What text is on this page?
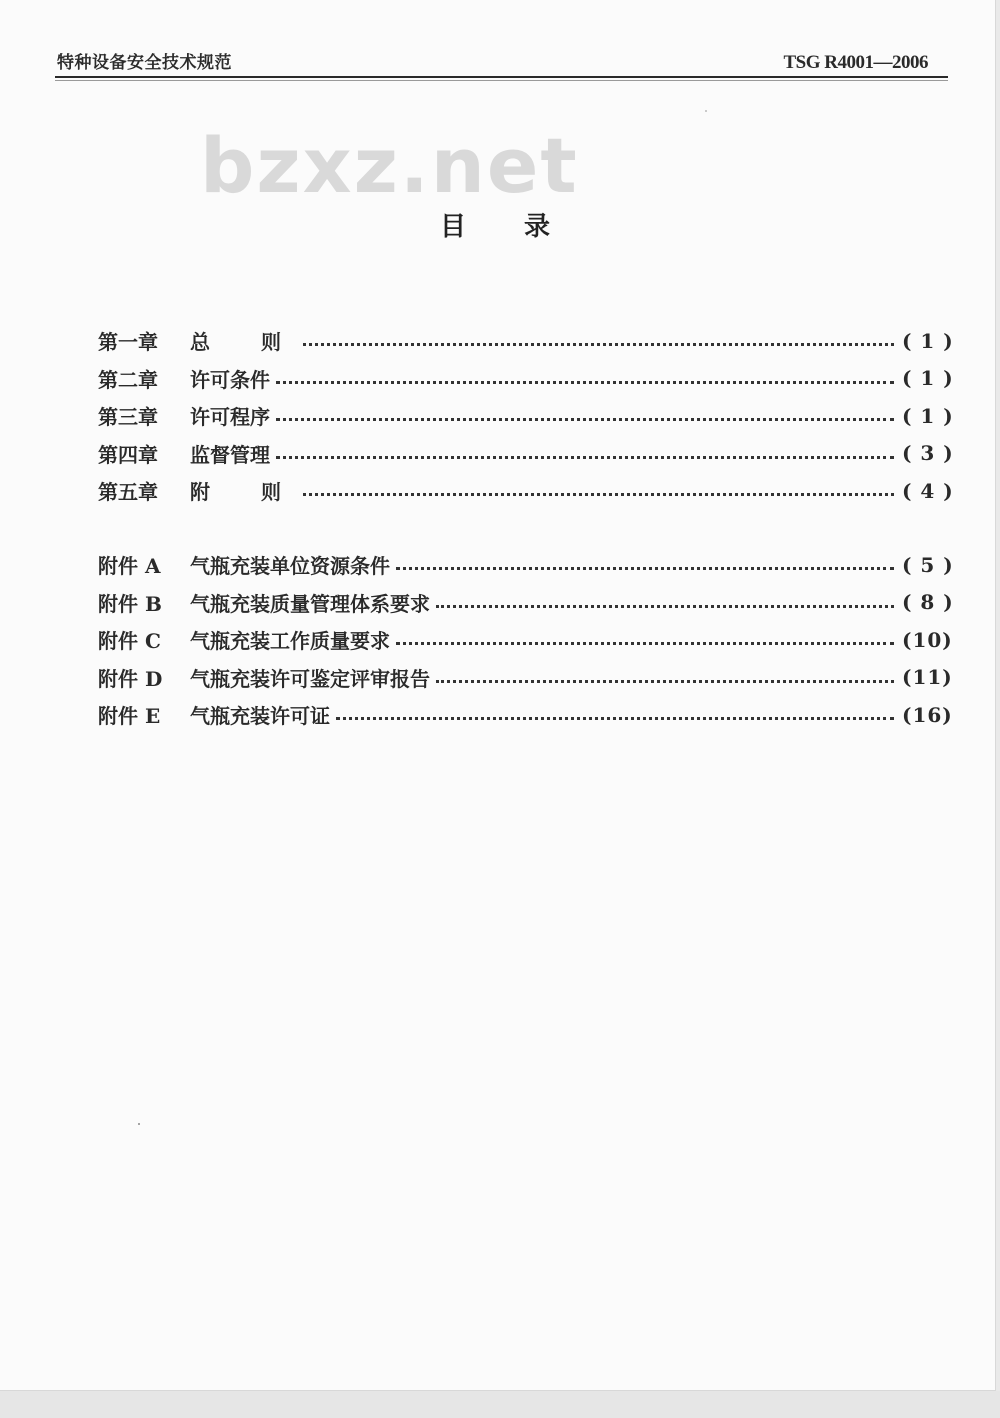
特种设备安全技术规范	TSG R4001—2006
bzxz.net
目录
第一章	总 则	( 1 )
第二章	许可条件	( 1 )
第三章	许可程序	( 1 )
第四章	监督管理	( 3 )
第五章	附 则	( 4 )
附件 A	气瓶充装单位资源条件	( 5 )
附件 B	气瓶充装质量管理体系要求	( 8 )
附件 C	气瓶充装工作质量要求	(10)
附件 D	气瓶充装许可鉴定评审报告	(11)
附件 E	气瓶充装许可证	(16)
